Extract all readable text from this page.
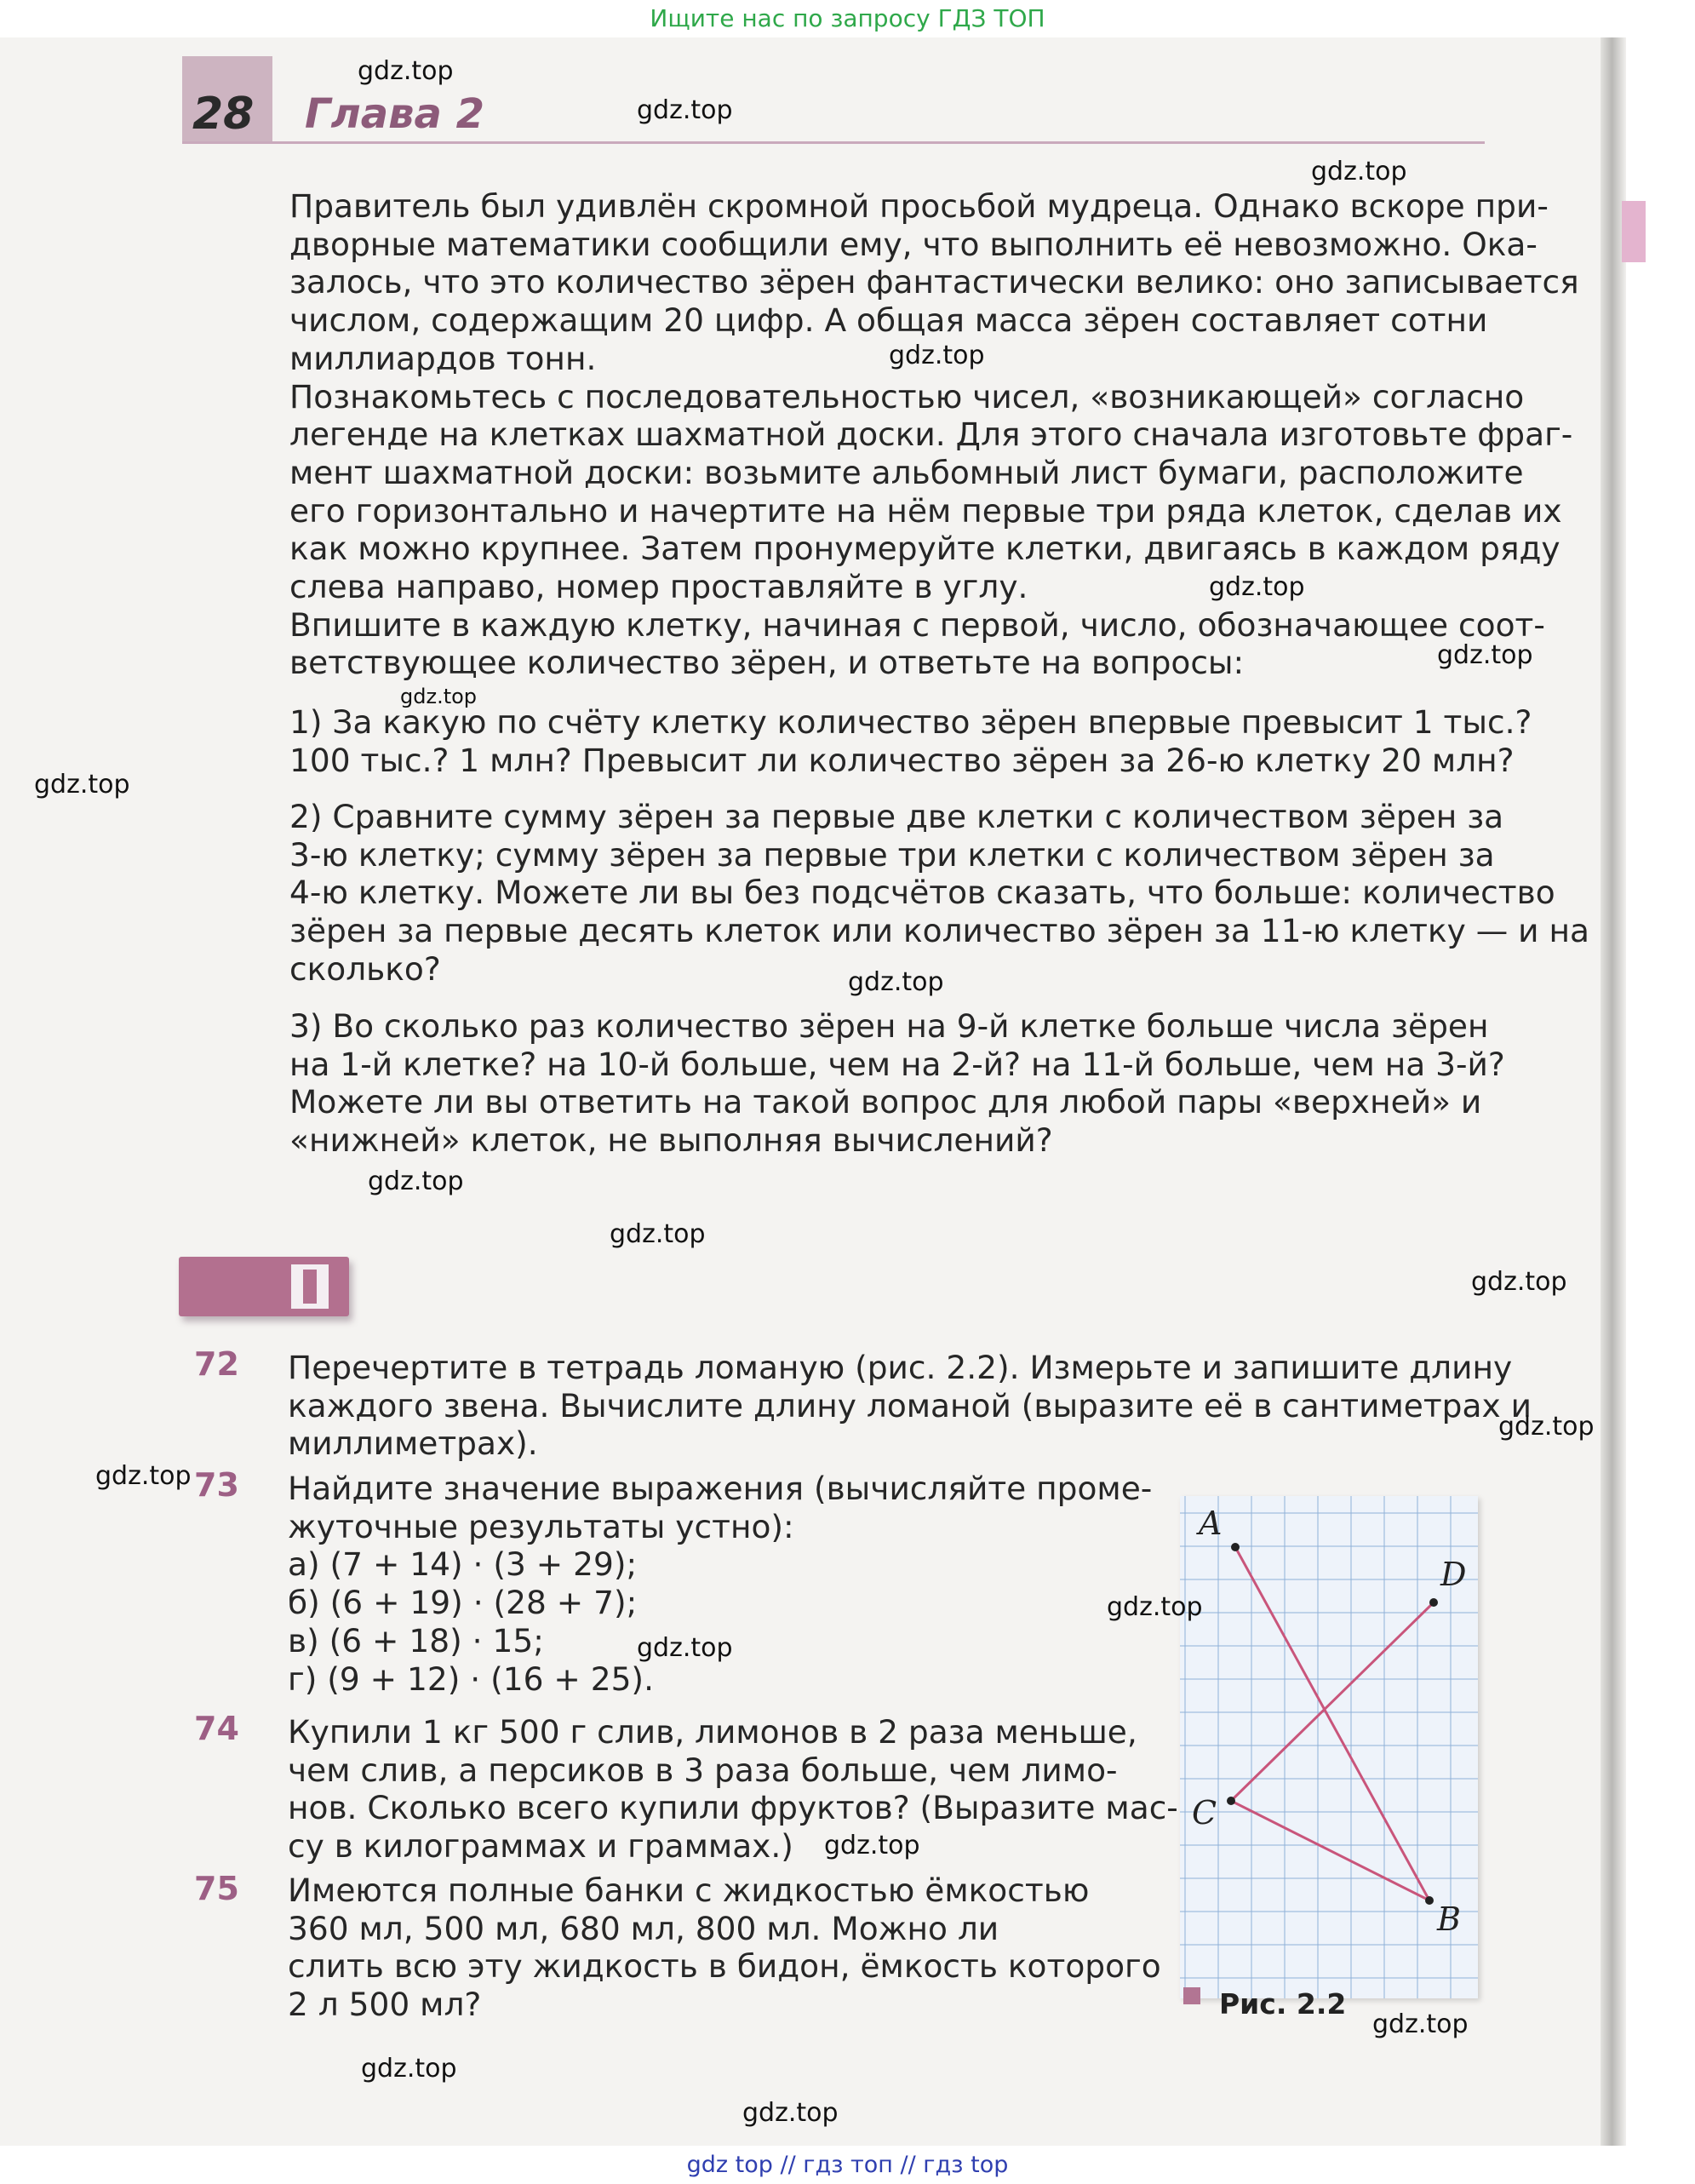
Ищите нас по запросу ГДЗ ТОП
28 Глава 2
Правитель был удивлён скромной просьбой мудреца. Однако вскоре при-
дворные математики сообщили ему, что выполнить её невозможно. Ока-
залось, что это количество зёрен фантастически велико: оно записывается
числом, содержащим 20 цифр. А общая масса зёрен составляет сотни
миллиардов тонн.
Познакомьтесь с последовательностью чисел, «возникающей» согласно
легенде на клетках шахматной доски. Для этого сначала изготовьте фраг-
мент шахматной доски: возьмите альбомный лист бумаги, расположите
его горизонтально и начертите на нём первые три ряда клеток, сделав их
как можно крупнее. Затем пронумеруйте клетки, двигаясь в каждом ряду
слева направо, номер проставляйте в углу.
Впишите в каждую клетку, начиная с первой, число, обозначающее соот-
ветствующее количество зёрен, и ответьте на вопросы:
1) За какую по счёту клетку количество зёрен впервые превысит 1 тыс.?
100 тыс.? 1 млн? Превысит ли количество зёрен за 26-ю клетку 20 млн?
2) Сравните сумму зёрен за первые две клетки с количеством зёрен за
3-ю клетку; сумму зёрен за первые три клетки с количеством зёрен за
4-ю клетку. Можете ли вы без подсчётов сказать, что больше: количество
зёрен за первые десять клеток или количество зёрен за 11-ю клетку — и на
сколько?
3) Во сколько раз количество зёрен на 9-й клетке больше числа зёрен
на 1-й клетке? на 10-й больше, чем на 2-й? на 11-й больше, чем на 3-й?
Можете ли вы ответить на такой вопрос для любой пары «верхней» и
«нижней» клеток, не выполняя вычислений?
72 Перечертите в тетрадь ломаную (рис. 2.2). Измерьте и запишите длину
каждого звена. Вычислите длину ломаной (выразите её в сантиметрах и
миллиметрах).
73 Найдите значение выражения (вычисляйте проме-
жуточные результаты устно):
а) (7 + 14) · (3 + 29);
б) (6 + 19) · (28 + 7);
в) (6 + 18) · 15;
г) (9 + 12) · (16 + 25).
74 Купили 1 кг 500 г слив, лимонов в 2 раза меньше,
чем слив, а персиков в 3 раза больше, чем лимо-
нов. Сколько всего купили фруктов? (Выразите мас-
су в килограммах и граммах.)
75 Имеются полные банки с жидкостью ёмкостью
360 мл, 500 мл, 680 мл, 800 мл. Можно ли
слить всю эту жидкость в бидон, ёмкость которого
2 л 500 мл?
A
B
C
D
Рис. 2.2
gdz.top
gdz.top
gdz.top
gdz.top
gdz.top
gdz.top
gdz.top
gdz.top
gdz.top
gdz.top
gdz.top
gdz.top
gdz.top
gdz.top
gdz.top
gdz.top
gdz.top
gdz.top
gdz.top
gdz.top
gdz top // гдз топ // гдз top
